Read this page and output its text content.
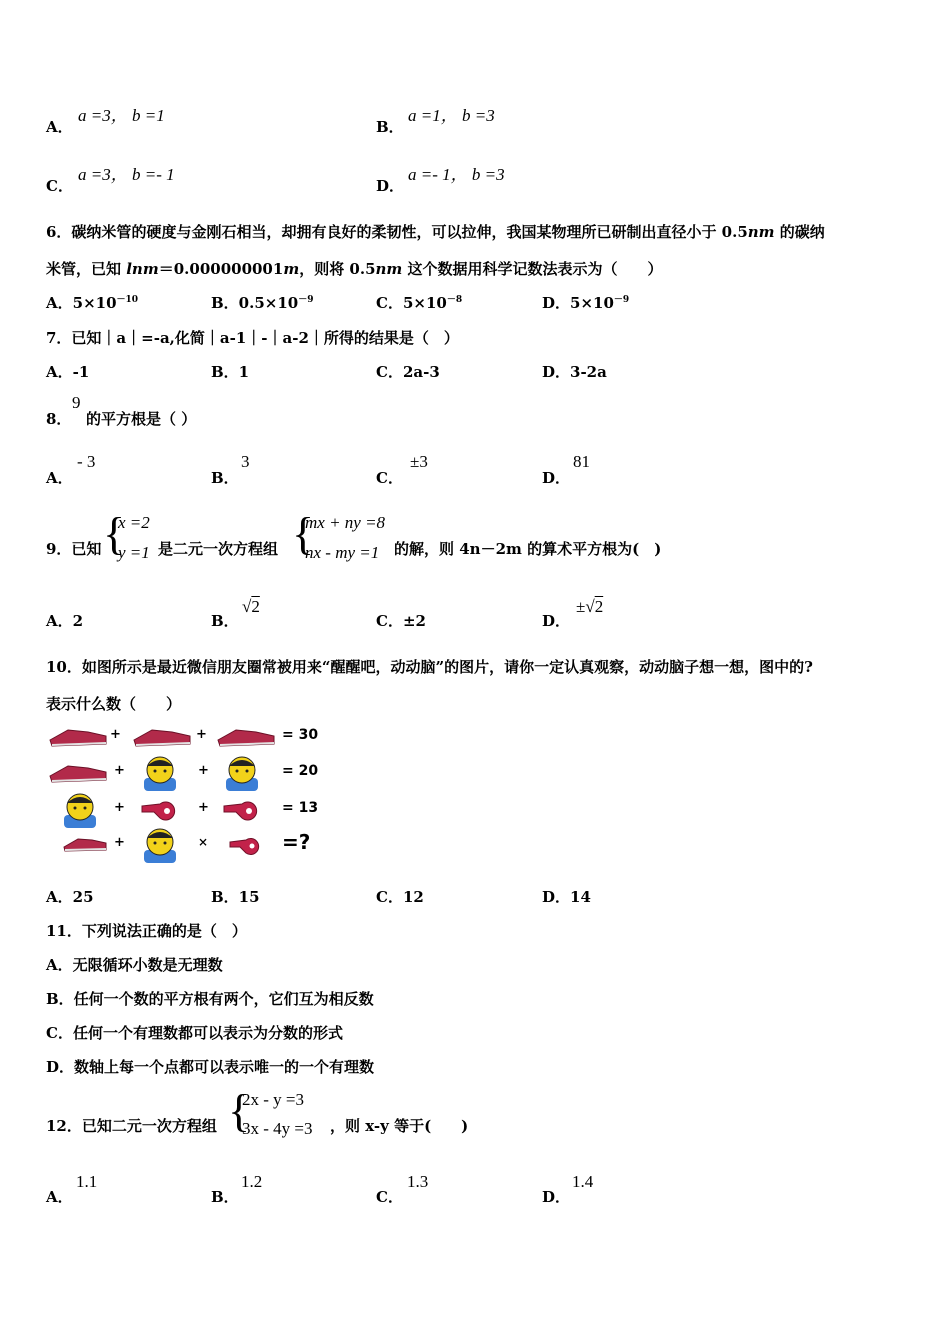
A．
a =3， b =1
B．
a =1， b =3
C．
a =3， b =- 1
D．
a =- 1， b =3
6．碳纳米管的硬度与金刚石相当，却拥有良好的柔韧性，可以拉伸，我国某物理所已研制出直径小于 0.5nm 的碳纳
米管，已知 lnm＝0.000000001m，则将 0.5nm 这个数据用科学记数法表示为（　　）
A．$5\times 10^{-10}$	B．$0.5\times 10^{-9}$	C．$5\times 10^{-8}$	D．$5\times 10^{-9}$
7．已知｜a｜=-a,化简｜a-1｜-｜a-2｜所得的结果是（　）
A．-1	B．1	C．2a-3	D．3-2a
8．
9
的平方根是（ ）
A．
- 3
B．
3
C．
±3
D．
81
9．已知 {
x =2
y =1 是二元一次方程组 {
mx + ny =8
nx - my =1 的解，则 4n－2m 的算术平方根为(　)
A．2	B．
√2
C．±2	D．
±√2
10．如图所示是最近微信朋友圈常被用来“醒醒吧，动动脑”的图片，请你一定认真观察，动动脑子想一想，图中的?
表示什么数（　　）
+	+	= 30
+	+	= 20
+	+	= 13
+	×	=?
A．25	B．15	C．12	D．14
11．下列说法正确的是（　）
A．无限循环小数是无理数
B．任何一个数的平方根有两个，它们互为相反数
C．任何一个有理数都可以表示为分数的形式
D．数轴上每一个点都可以表示唯一的一个有理数
12．已知二元一次方程组 {
2x - y =3
3x - 4y =3 ，则 x-y 等于(　　)
A．
1.1
B．
1.2
C．
1.3
D．
1.4
